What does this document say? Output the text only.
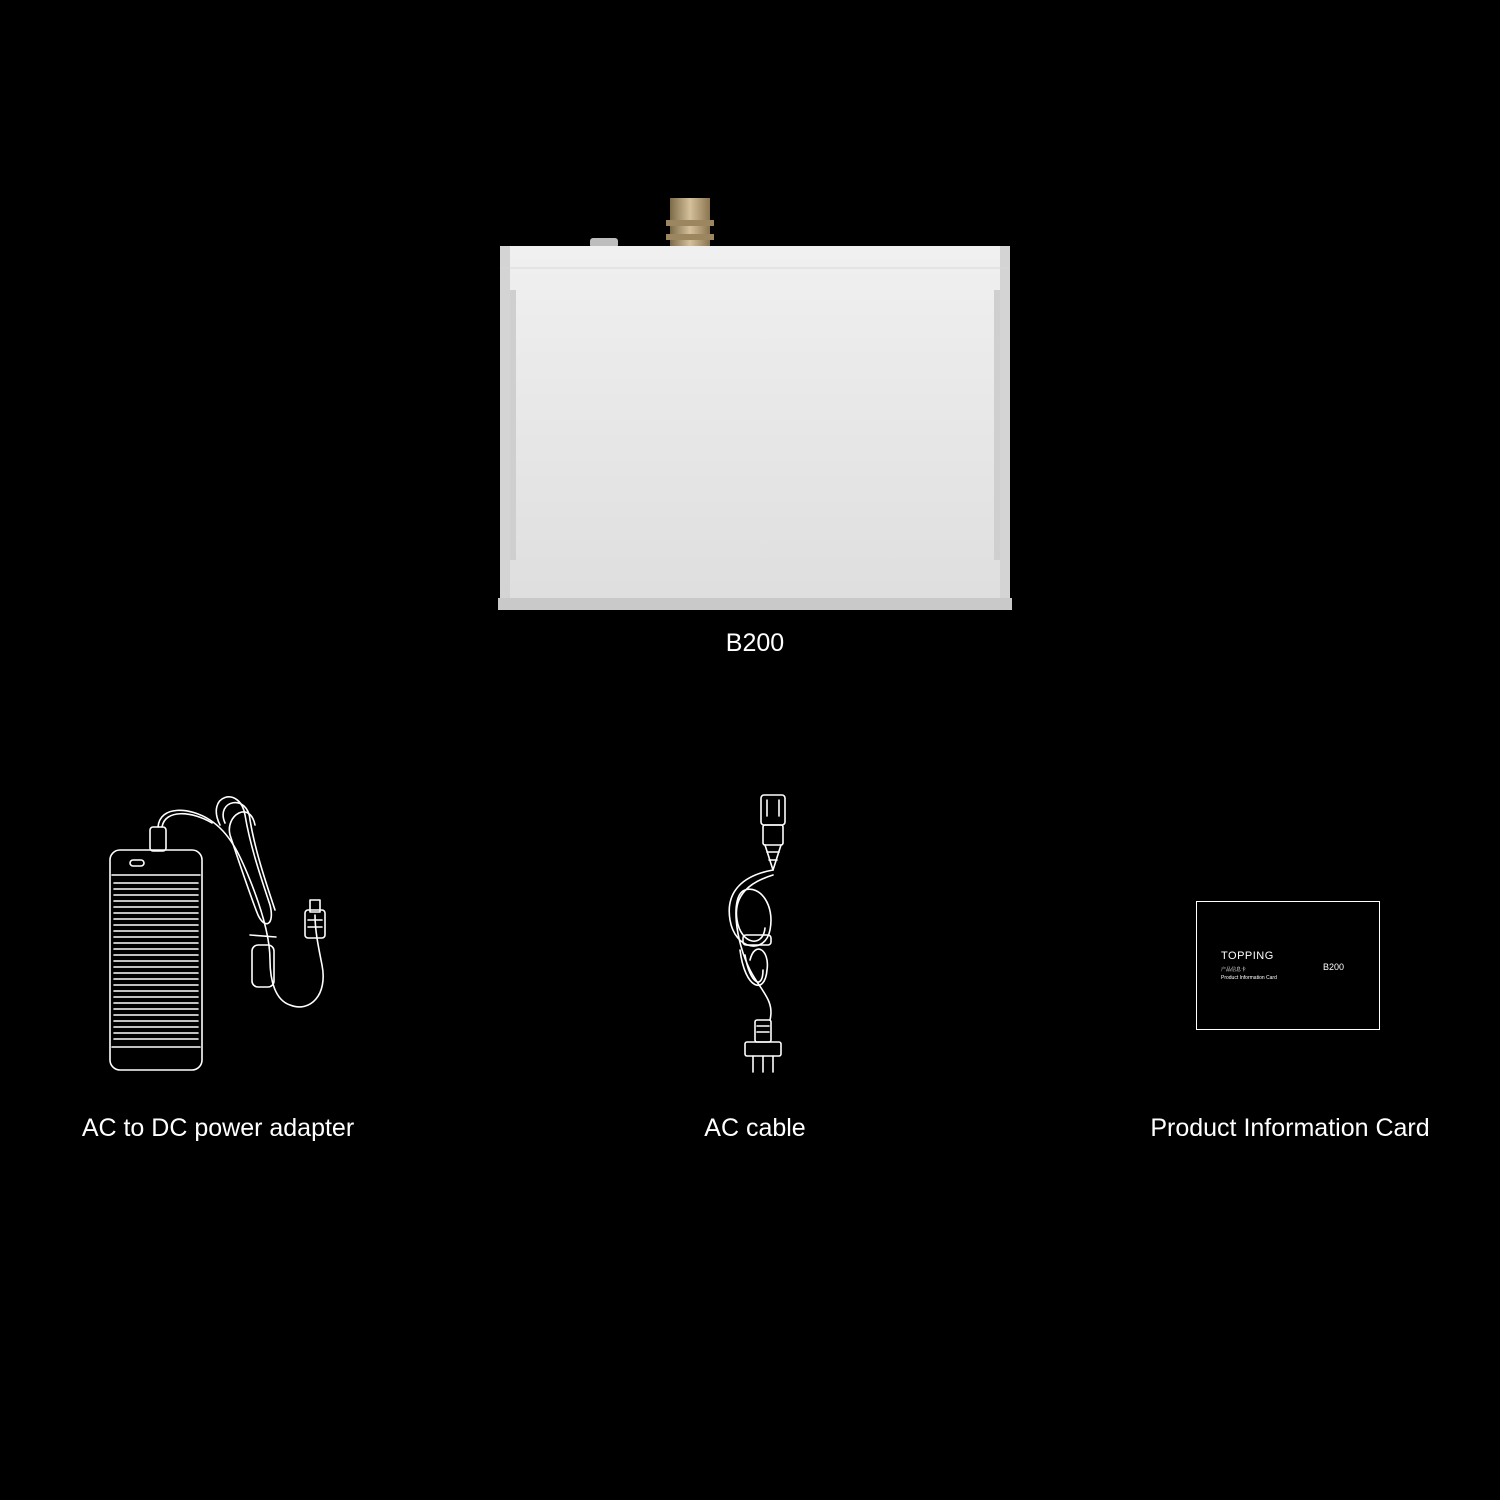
B200
AC to DC power adapter	AC cable
TOPPING
产品信息卡
Product Information Card
B200
Product Information Card
